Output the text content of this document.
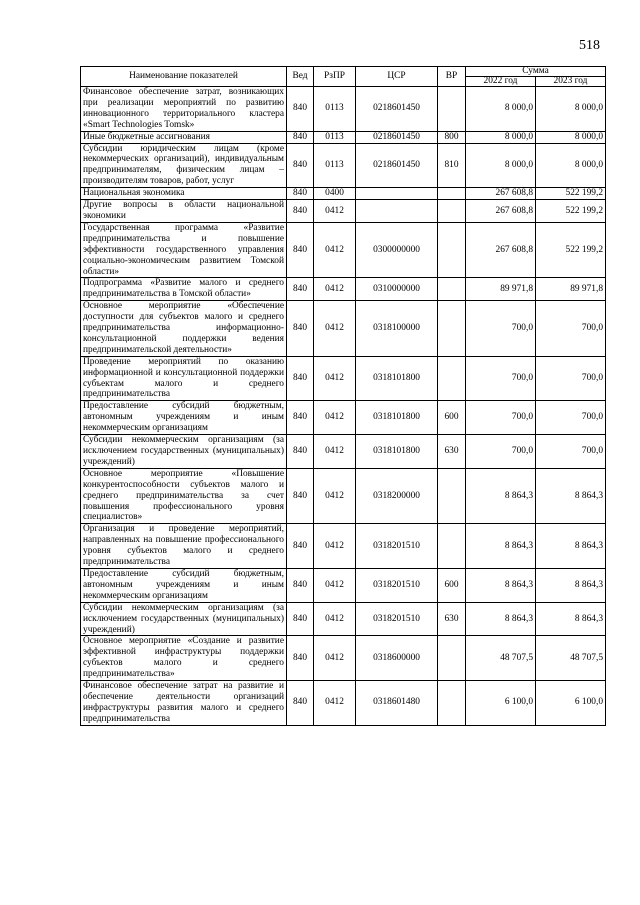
518
Наименование показателей	Вед	РзПР	ЦСР	ВР	Сумма	
					2022 год	2023 год
Финансовое обеспечение затрат, возникающих при реализации мероприятий по развитию инновационного территориального кластера «Smart Technologies Tomsk»	840	0113	0218601450		8 000,0	8 000,0
Иные бюджетные ассигнования	840	0113	0218601450	800	8 000,0	8 000,0
Субсидии юридическим лицам (кроме некоммерческих организаций), индивидуальным предпринимателям, физическим лицам – производителям товаров, работ, услуг	840	0113	0218601450	810	8 000,0	8 000,0
Национальная экономика	840	0400			267 608,8	522 199,2
Другие вопросы в области национальной экономики	840	0412			267 608,8	522 199,2
Государственная программа «Развитие предпринимательства и повышение эффективности государственного управления социально-экономическим развитием Томской области»	840	0412	0300000000		267 608,8	522 199,2
Подпрограмма «Развитие малого и среднего предпринимательства в Томской области»	840	0412	0310000000		89 971,8	89 971,8
Основное мероприятие «Обеспечение доступности для субъектов малого и среднего предпринимательства информационно-консультационной поддержки ведения предпринимательской деятельности»	840	0412	0318100000		700,0	700,0
Проведение мероприятий по оказанию информационной и консультационной поддержки субъектам малого и среднего предпринимательства	840	0412	0318101800		700,0	700,0
Предоставление субсидий бюджетным, автономным учреждениям и иным некоммерческим организациям	840	0412	0318101800	600	700,0	700,0
Субсидии некоммерческим организациям (за исключением государственных (муниципальных) учреждений)	840	0412	0318101800	630	700,0	700,0
Основное мероприятие «Повышение конкурентоспособности субъектов малого и среднего предпринимательства за счет повышения профессионального уровня специалистов»	840	0412	0318200000		8 864,3	8 864,3
Организация и проведение мероприятий, направленных на повышение профессионального уровня субъектов малого и среднего предпринимательства	840	0412	0318201510		8 864,3	8 864,3
Предоставление субсидий бюджетным, автономным учреждениям и иным некоммерческим организациям	840	0412	0318201510	600	8 864,3	8 864,3
Субсидии некоммерческим организациям (за исключением государственных (муниципальных) учреждений)	840	0412	0318201510	630	8 864,3	8 864,3
Основное мероприятие «Создание и развитие эффективной инфраструктуры поддержки субъектов малого и среднего предпринимательства»	840	0412	0318600000		48 707,5	48 707,5
Финансовое обеспечение затрат на развитие и обеспечение деятельности организаций инфраструктуры развития малого и среднего предпринимательства	840	0412	0318601480		6 100,0	6 100,0
